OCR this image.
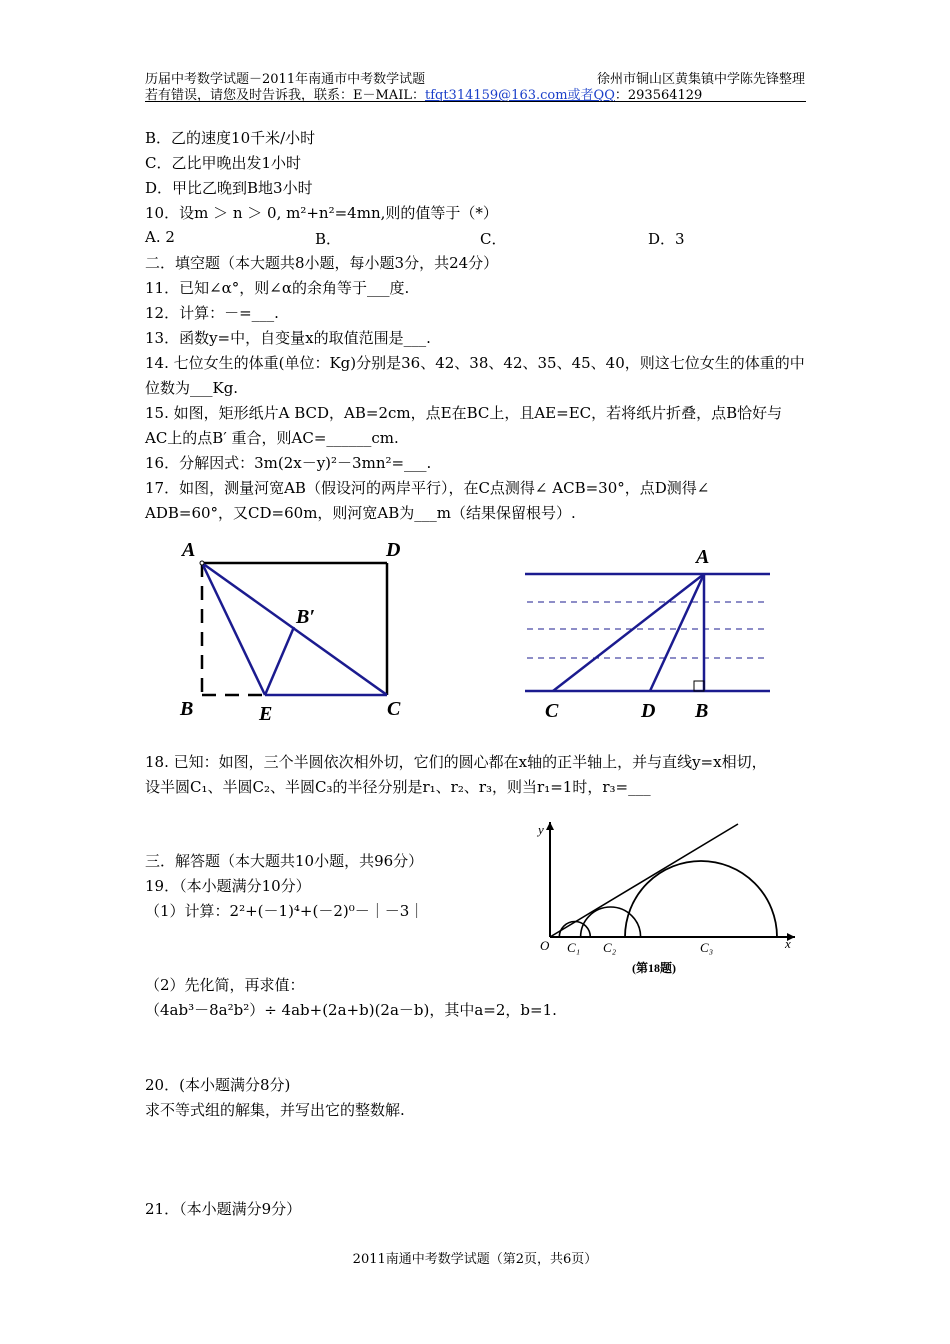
历届中考数学试题－2011年南通市中考数学试题	徐州市铜山区黄集镇中学陈先锋整理
若有错误，请您及时告诉我，联系：E－MAIL：tfqt314159@163.com或者QQ：293564129
B．乙的速度10千米/小时
C．乙比甲晚出发1小时
D．甲比乙晚到B地3小时
10．设m ＞ n ＞ 0, m²+n²=4mn,则的值等于（*）
A. 2	B．	C．	D．3
二．填空题（本大题共8小题，每小题3分，共24分）
11．已知∠α°，则∠α的余角等于___度.
12．计算：－=___.
13．函数y=中，自变量x的取值范围是___.
14. 七位女生的体重(单位：Kg)分别是36、42、38、42、35、45、40，则这七位女生的体重的中
位数为___Kg.
15. 如图，矩形纸片A BCD，AB=2cm，点E在BC上，且AE=EC，若将纸片折叠，点B恰好与
AC上的点B′ 重合，则AC=______cm.
16．分解因式：3m(2x－y)²－3mn²=___.
17．如图，测量河宽AB（假设河的两岸平行），在C点测得∠ ACB=30°，点D测得∠
ADB=60°，又CD=60m，则河宽AB为___m（结果保留根号）.
A	D
B′
B	E	C
A
C	D B
18. 已知：如图，三个半圆依次相外切，它们的圆心都在x轴的正半轴上，并与直线y=x相切，
设半圆C₁、半圆C₂、半圆C₃的半径分别是r₁、r₂、r₃，则当r₁=1时，r₃=___
y
O C₁ C₂	C₃	x
(第18题)
三．解答题（本大题共10小题，共96分）
19．（本小题满分10分）
（1）计算：2²+(－1)⁴+(－2)⁰－｜－3｜
（2）先化简，再求值：
（4ab³－8a²b²）÷ 4ab+(2a+b)(2a－b)，其中a=2，b=1.
20．(本小题满分8分)
求不等式组的解集，并写出它的整数解.
21．（本小题满分9分）
2011南通中考数学试题（第2页，共6页）
